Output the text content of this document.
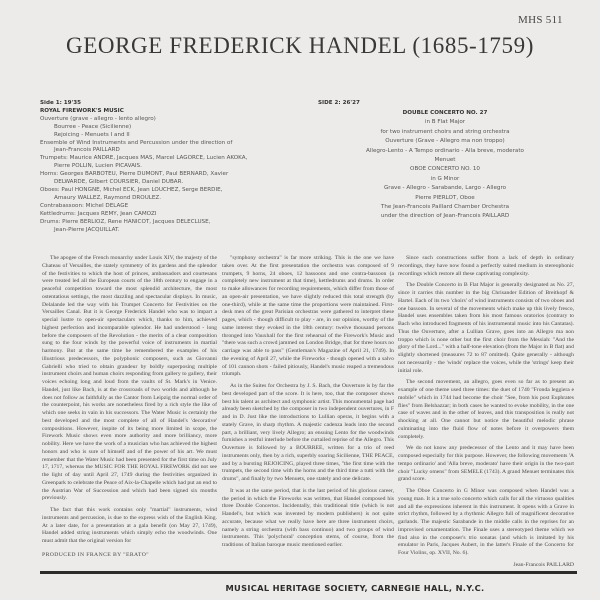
MHS 511
GEORGE FREDERICK HANDEL (1685-1759)
Side 1: 19'35
ROYAL FIREWORK'S MUSIC
Ouverture (grave - allegro - lento allegro)
Bourree - Peace (Sicilienne)
Rejoicing - Menuets I and II
Ensemble of Wind Instruments and Percussion under the direction of
Jean-Francois PAILLARD
Trumpets: Maurice ANDRE, Jacques MAS, Marcel LAGORCE, Lucien AKOKA,
Pierre POLLIN, Lucien PICAVAIS.
Horns: Georges BARBOTEU, Pierre DUMONT, Paul BERNARD, Xavier
DELWARDE, Gilbert COURSIER, Daniel DUBAR.
Oboes: Paul HONGNE, Michel ECK, Jean LOUCHEZ, Serge BERDIE,
Amaury WALLEZ, Raymond DROULEZ.
Contrabassoon: Michel DELAGE
Kettledrums: Jacques REMY, Jean CAMOZI
Drums: Pierre BERLIOZ, Rene HANICOT, Jacques DELECLUSE,
Jean-Pierre JACQUILLAT.
SIDE 2: 26'27
DOUBLE CONCERTO NO. 27
in B Flat Major
for two instrument choirs and string orchestra
Ouverture (Grave - Allegro ma non troppo)
Allegro-Lento - A Tempo ordinario - Alla breve, moderato
Menuet
OBOE CONCERTO NO. 10
in G Minor
Grave - Allegro - Sarabande, Largo - Allegro
Pierre PIERLOT, Oboe
The Jean-Francois Paillard Chamber Orchestra
under the direction of Jean-Francois PAILLARD

The apogee of the French monarchy under Louis XIV, the majesty of the Chateau of Versailles, the stately symmetry of its gardens and the splendor of the festivities to which the host of princes, ambassadors and courtesans were treated led all the European courts of the 18th century to engage in a peaceful competition toward the most splendid architecture, the most ostentatious settings, the most dazzling and spectacular displays. In music, Delalande led the way with his Trumpet Concerto for Festivities on the Versailles Canal. But it is George Frederick Handel who was to impart a special lustre to open-air spectaculars which, thanks to him, achieved highest perfection and incomparable splendor. He had understood - long before the composers of the Revolution - the merits of a clear composition sung to the four winds by the powerful voice of instruments in martial harmony. But at the same time he remembered the examples of his illustrious predecessors, the polyphonic composers, such as Giovanni Gabrielli who tried to obtain grandeur by boldly superposing multiple instrument choirs and human choirs responding from gallery to gallery, their voices echoing long and loud from the vaults of St. Mark's in Venice. Handel, just like Bach, is at the crossroads of two worlds and although he does not follow as faithfully as the Cantor from Leipzig the normal order of the counterpoint, his works are nonetheless fired by a rich style the like of which one seeks in vain in his successors. The Water Music is certainly the best developed and the most complete of all of Handel's 'decorative' compositions. However, inspite of its being more limited in scope, the Firework Music shows even more authority and more brilliancy, more nobility. Here we have the work of a musician who has achieved the highest honors and who is sure of himself and of the power of his art. We must remember that the Water Music had been presented for the first time on July 17, 1717, whereas the MUSIC FOR THE ROYAL FIREWORK did not see the light of day until April 27, 1749 during the festivities organized in Greenpark to celebrate the Peace of Aix-la-Chapelle which had put an end to the Austrian War of Succession and which had been signed six months previously.

The fact that this work contains only "martial" instruments, wind instruments and percussion, is due to the express wish of the English King. At a later date, for a presentation at a gala benefit (on May 27, 1749), Handel added string instruments which simply echo the woodwinds. One must admit that the original version for

PRODUCED IN FRANCE BY "ERATO"

"symphony orchestra" is far more striking. This is the one we have taken over. At the first presentation the orchestra was composed of 9 trumpets, 9 horns, 24 oboes, 12 bassoons and one contra-bassoon (a completely new instrument at that time), kettledrums and drums. In order to make allowances for recording requirements, which differ from those of an open-air presentation, we have slightly reduced this total strength (by one-third), while at the same time the proportions were maintained. First-desk men of the great Parisian orchestras were gathered to interpret these pages, which - though difficult to play - are, in our opinion, worthy of the same interest they evoked in the 18th century: twelve thousand persons thronged into Vauxhall for the first rehearsal of the Firework's Music and "there was such a crowd jammed on London Bridge, that for three hours no carriage was able to pass" (Gentleman's Magazine of April 21, 1749). In the evening of April 27, while the Fireworks - though opened with a salvo of 101 cannon shots - failed pitiously, Handel's music reaped a tremendous triumph.

As in the Suites for Orchestra by J. S. Bach, the Ouverture is by far the best developed part of the score. It is here, too, that the composer shows best his talent as architect and symphonic artist. This monumental page had already been sketched by the composer in two independent ouvertures, in F and in D. Just like the introductions to Lullian operas, it begins with a stately Grave, in sharp rhythm. A majestic cadenza leads into the second part, a brilliant, very lively Allegro; an ensuing Lento for the woodwinds furnishes a restful interlude before the curtailed reprise of the Allegro. This Ouverture is followed by a BOURREE, written for a trio of reed instruments only, then by a rich, superbly soaring Sicilienne, THE PEACE, and by a bursting REJOICING, played three times, "the first time with the trumpets, the second time with the horns and the third time a tutti with the drums", and finally by two Menuets, one stately and one delicate.

It was at the same period, that is the last period of his glorious career, the period in which the Fireworks was written, that Handel composed his three Double Concertos. Incidentally, this traditional title (which is not Handel's, but which was invented by modern publishers) is not quite accurate, because what we really have here are three instrument choirs, namely a string orchestra (with bass continuo) and two groups of wind instruments. This 'polychoral' conception stems, of course, from the traditions of Italian baroque music mentioned earlier.

Since such constructions suffer from a lack of depth in ordinary recordings, they have now found a perfectly suited medium in stereophonic recordings which restore all these captivating complexity.

The Double Concerto in B Flat Major is generally designated as No. 27, since it carries this number in the big Chrisander Edition of Breitkopf & Hartel. Each of its two 'choirs' of wind instruments consists of two oboes and one bassoon. In several of the movements which make up this lively fresco, Handel uses ensembles taken from his most famous oratorios (contrary to Bach who introduced fragments of his instrumental music into his Cantatas). Thus the Ouverture, after a Lullian Grave, goes into an Allegro ma non troppo which is none other but the first choir from the Messiah: "And the glory of the Lord..." with a half-tone elevation (from the Major in B flat) and slightly shortened (measures 72 to 87 omitted). Quite generally - although not necessarily - the 'winds' replace the voices, while the 'strings' keep their initial role.

The second movement, an allegro, goes even so far as to present an example of one theme used three times: the duet of 1740 "Fronda leggiera e mobile" which in 1744 had become the choir "See, from his post Euphrates flies" from Belshazzar; in both cases he wanted to evoke mobility, in the one case of waves and in the other of leaves, and this transposition is really not shocking at all. One cannot but notice the beautiful melodic phrase culminating into the fluid flow of notes before it overpowers them completely.

We do not know any predecessor of the Lento and it may have been composed especially for this purpose. However, the following movements 'A tempo ordinario' and 'Alla breve, moderato' have their origin in the two-part choir "Lucky omens" from SEMELE (1743). A grand Menuet terminates this grand score.

The Oboe Concerto in G Minor was composed when Handel was a young man. It is a true solo concerto which calls for all the virtuoso qualities and all the expressions inherent in this instrument. It opens with a Grave in strict rhythm, followed by a rhythmic Allegro full of magnificent decorative garlands. The majestic Sarabande in the middle calls in the reprises for an improvised ornamentation. The Finale uses a stereotyped theme which we find also in the composer's trio sonatas (and which is imitated by his emulator in Paris, Jacques Aubert, in the latter's Finale of the Concerto for Four Violins, op. XVII, No. 6).

Jean-Francois PAILLARD
MUSICAL HERITAGE SOCIETY, CARNEGIE HALL, N.Y.C.
